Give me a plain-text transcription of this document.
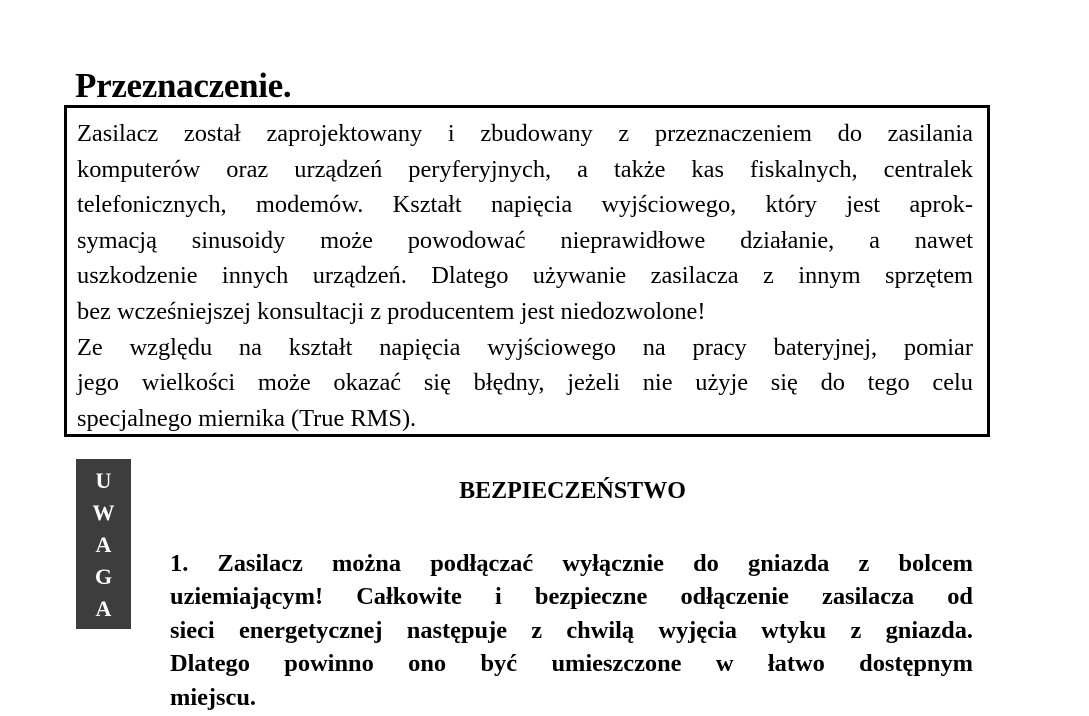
Przeznaczenie.
Zasilacz został zaprojektowany i zbudowany z przeznaczeniem do zasilania
komputerów oraz urządzeń peryferyjnych, a także kas fiskalnych, centralek
telefonicznych, modemów. Kształt napięcia wyjściowego, który jest aprok-
symacją sinusoidy może powodować nieprawidłowe działanie, a nawet
uszkodzenie innych urządzeń. Dlatego używanie zasilacza z innym sprzętem
bez wcześniejszej konsultacji z producentem jest niedozwolone!
Ze względu na kształt napięcia wyjściowego na pracy bateryjnej, pomiar
jego wielkości może okazać się błędny, jeżeli nie użyje się do tego celu
specjalnego miernika (True RMS).
U
W
A
G
A
BEZPIECZEŃSTWO
1. Zasilacz można podłączać wyłącznie do gniazda z bolcem
uziemiającym! Całkowite i bezpieczne odłączenie zasilacza od
sieci energetycznej następuje z chwilą wyjęcia wtyku z gniazda.
Dlatego powinno ono być umieszczone w łatwo dostępnym
miejscu.
